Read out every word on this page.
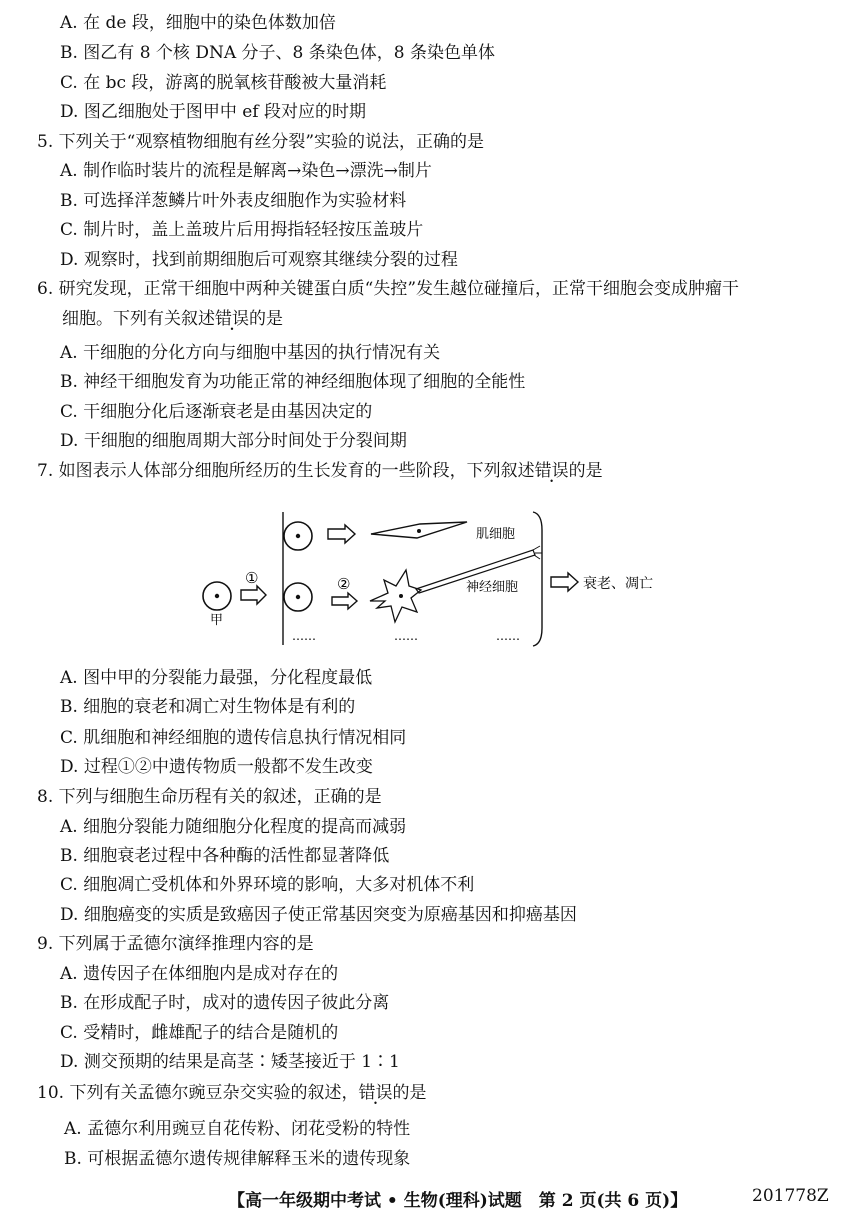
A. 在 de 段，细胞中的染色体数加倍
B. 图乙有 8 个核 DNA 分子、8 条染色体，8 条染色单体
C. 在 bc 段，游离的脱氧核苷酸被大量消耗
D. 图乙细胞处于图甲中 ef 段对应的时期
5. 下列关于“观察植物细胞有丝分裂”实验的说法，正确的是
A. 制作临时装片的流程是解离→染色→漂洗→制片
B. 可选择洋葱鳞片叶外表皮细胞作为实验材料
C. 制片时，盖上盖玻片后用拇指轻轻按压盖玻片
D. 观察时，找到前期细胞后可观察其继续分裂的过程
6. 研究发现，正常干细胞中两种关键蛋白质“失控”发生越位碰撞后，正常干细胞会变成肿瘤干
细胞。下列有关叙述错误的是
A. 干细胞的分化方向与细胞中基因的执行情况有关
B. 神经干细胞发育为功能正常的神经细胞体现了细胞的全能性
C. 干细胞分化后逐渐衰老是由基因决定的
D. 干细胞的细胞周期大部分时间处于分裂间期
7. 如图表示人体部分细胞所经历的生长发育的一些阶段，下列叙述错误的是
甲
①
肌细胞
②	神经细胞
……	……	……
衰老、凋亡
A. 图中甲的分裂能力最强，分化程度最低
B. 细胞的衰老和凋亡对生物体是有利的
C. 肌细胞和神经细胞的遗传信息执行情况相同
D. 过程①②中遗传物质一般都不发生改变
8. 下列与细胞生命历程有关的叙述，正确的是
A. 细胞分裂能力随细胞分化程度的提高而减弱
B. 细胞衰老过程中各种酶的活性都显著降低
C. 细胞凋亡受机体和外界环境的影响，大多对机体不利
D. 细胞癌变的实质是致癌因子使正常基因突变为原癌基因和抑癌基因
9. 下列属于孟德尔演绎推理内容的是
A. 遗传因子在体细胞内是成对存在的
B. 在形成配子时，成对的遗传因子彼此分离
C. 受精时，雌雄配子的结合是随机的
D. 测交预期的结果是高茎∶矮茎接近于 1∶1
10. 下列有关孟德尔豌豆杂交实验的叙述，错误的是
A. 孟德尔利用豌豆自花传粉、闭花受粉的特性
B. 可根据孟德尔遗传规律解释玉米的遗传现象
【高一年级期中考试 • 生物(理科)试题　第 2 页(共 6 页)】	201778Z
